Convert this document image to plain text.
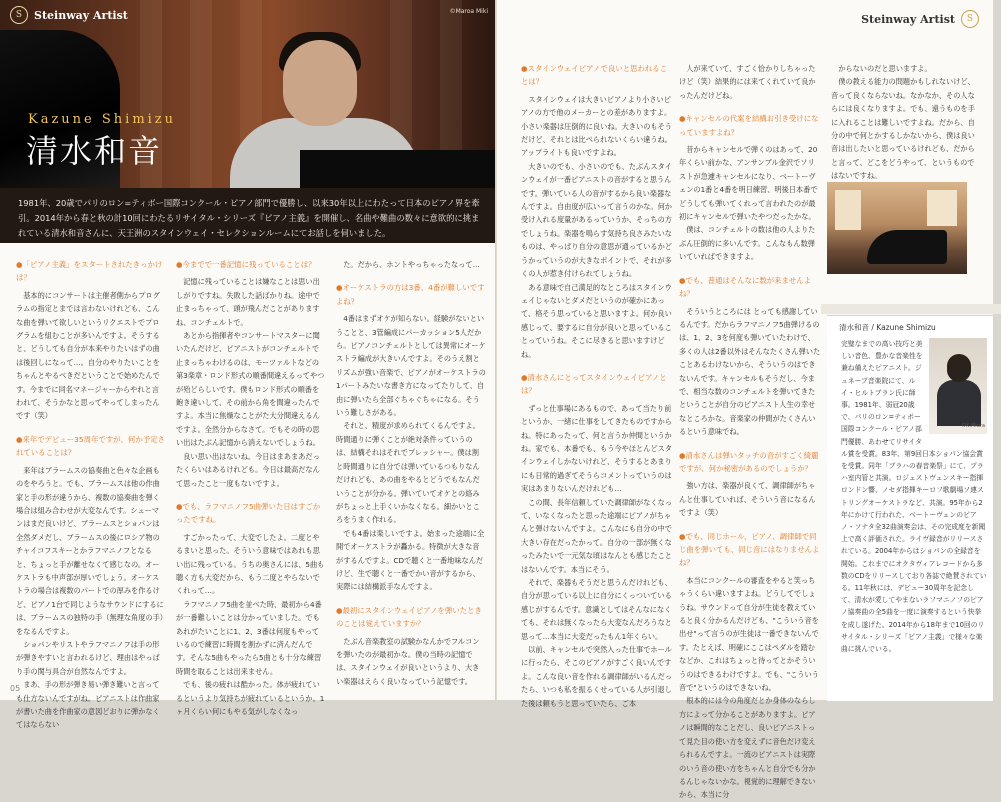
S	Steinway Artist	©Maroa Miki
Kazune Shimizu
清水和音

1981年、20歳でパリのロン=ティボー国際コンクール・ピアノ部門で優勝し、以来30年以上にわたって日本のピアノ界を牽引。2014年から春と秋の計10回にわたるリサイタル・シリーズ『ピアノ主義』を開催し、名曲や難曲の数々に意欲的に挑まれている清水和音さんに、天王洲のスタインウェイ・セレクションルームにてお話しを伺いました。

●「ピアノ主義」をスタートされたきっかけは？

基本的にコンサートは主催者側からプログラムの指定とまでは言わないけれども、こんな曲を弾いて欲しいというリクエストでプログラムを組むことが多いんですよ。そうすると、どうしても自分が本来やりたいはずの曲は後回しになって…。自分のやりたいことをちゃんとやるべきだということで始めたんです。今までに同名マネージャーからやれと言われて、そうかなと思ってやってしまったんです（笑）

●来年でデビュー35周年ですが、何か予定されていることは？

来年はブラームスの協奏曲と色々な企画ものをやろうと。でも、ブラームスは他の作曲家と手の形が違うから、複数の協奏曲を弾く場合は組み合わせが大変なんです。シューマンはまだ良いけど、ブラームスとショパンは全然ダメだし、ブラームスの後にロシア物のチャイコフスキーとかラフマニノフとなると、ちょっと手が離せなくて感じなの。オーケストラも中声部が厚いでしょう。オーケストラの場合は複数のパートでの厚みを作るけど、ピアノ1台で同じようなサウンドにするには、ブラームスの独特の手（無理な角度の手）をなるんですよ。

ショパンやリストやラフマニノフは手の形が弾きやすいと言われるけど、理由はやっぱり手の関与具合が自然なんですよ。

まあ、手の形が弾き易い弾き難いと言っても仕方ないんですがね。ピアニストは作曲家が書いた曲を作曲家の意図どおりに弾かなくてはならない

●今までで一番記憶に残っていることは？

記憶に残っていることは嫌なことは思い出しがりですね。失敗した話ばかりね。途中で止まっちゃって、頭が飛んだことがありますね、コンチェルトで。

あとから指揮者やコンサートマスターに聞いたんだけど、ピアニストがコンチェルトで止まっちゃわけるのは、モーツァルトなどの第3楽章・ロンド形式の順番間違えるってやつが殆どらしいです。僕もロンド形式の順番を飽き違いして、その前から角を間違ったんですよ。本当に焦燥なことがた大分間違えるんですよ。全然分からなさて。でもその時の思い出はたぶん記憶から消えないでしょうね。

良い思い出はないね。今日はまあまあだったくらいはあるけれども。今日は最高だなんて思ったこと一度もないですよ。

●でも、ラフマニノフ5曲弾いた日はすごかったですね。

すごかったって、大変でしたよ。二度とやるまいと思った。そういう意味ではあれも思い出に残っている。うちの奥さんには、5曲も聴く方も大変だから、もう二度とやらないでくれって…。

ラフマニノフ5曲を並べた時、最初から4番が一番難しいことは分かっていました。でもあれがたいことに1、2、3番は何度もやっているので練習に時間を割かずに済んだんです。そんな5曲もやったら5曲とも十分な練習時間を取ることは出来ません。

でも、後の疲れは酷かった。体が疲れているというより気持ちが疲れているというか。1ヶ月くらい何にもやる気がしなくなっ

た。だから、ホントやっちゃったなって…

●オーケストラの方は3番、4番が難しいですよね？

4番はまずオケが知らない。経験がないということと、3管編成にパーカッション5人だから。ピアノコンチェルトとしては異常にオーケストラ編成が大きいんですよ。そのうえ割とリズムが強い音楽で、ピアノがオーケストラの1パートみたいな書き方になってたりして、自由に弾いたら全部ぐちゃぐちゃになる。そういう難しさがある。

それと、精度が求められてくるんですよ。時間通りに弾くことが絶対条件っていうのは、結構それはそれでプレッシャー。僕は割と時間通りに自分では弾いているつもりなんだけれども、あの曲をやるとどうでもなんだいうことが分かる。弾いていてオケとの絡みがちょっと上手くいかなくなる。細かいところをうまく作れる。

でも4番は楽しいですよ。始まった途端に全開でオーケストラが轟かる。特徴が大きな音がするんですよ。CDで聴くと一番地味なんだけど、生で聴くと一番でかい音がするから、実際には結構派手なんですよ。

●最初にスタインウェイピアノを弾いたときのことは覚えていますか？

たぶん音楽教室の試験かなんかでフルコンを弾いたのが最初かな。僕の当時の記憶では、スタインウェイが良いというより、大きい楽器はえらく良いなっていう記憶です。

05
Steinway Artist	S
●スタインウェイピアノで良いと思われることは？

スタインウェイは大きいピアノより小さいピアノの方で他のメーカーとの差がありますよ。小さい楽器は圧倒的に良いね。大きいのもそうだけど、それとは比べられないくらい違うね。アップライトも良いですよね。

大きいのでも、小さいのでも、たぶんスタインウェイが一番ピアニストの音がすると思うんです。弾いている人の音がするから良い楽器なんですよ。自由度が広いって言うのかな。何か受け入れる度量があるっていうか、そっちの方でしょうね。楽器を鳴らす気持ち良さみたいなものは、やっぱり自分の意思が通っているかどうかっていうのが大きなポイントで、それが多くの人が惹き付けられてしょうね。

ある意味で自己満足的なところはスタインウェイじゃないとダメだというのが確かにあって、格そう思っていると思いますよ。何か良い感じって、要するに自分が良いと思っていることっていうね。そこに尽きると思いますけどね。

●清水さんにとってスタインウェイピアノとは？

ずっと仕事場にあるもので、あって当たり前というか、一緒に仕事をしてきたものですからね。特にあったって、何と言うか仲間というかね。家でも、本番でも、もう今やほとんどスタインウェイしかないけれど、そうするとあまりにも日常的過ぎてそうらコメントっていうのは実はあまりないんだけれども…

この間、長年信頼していた調律師がなくなって、いなくなったと思った途端にピアノがちゃんと弾けないんですよ。こんなにも自分の中で大きい存在だったかって。自分の一部が無くなったみたいで一元気な頃はなんとも感じたことはないんです。本当にそう。

それで、楽器もそうだと思うんだけれども、自分が思っている以上に自分にくっついている感じがするんです。意識としてはそんなになくても、それは無くなったら大変なんだろうなと思って…本当に大変だったもん1年くらい。

以前、キャンセルで突然入った仕事でホールに行ったら、そこのピアノがすごく良いんですよ。こんな良い音を作れる調律師がいるんだったら、いつも私を振るくせっている人が引退した後は頼もうと思っていたら、ご本

人が来ていて、すごく恰かりしちゃったけど（笑）結果的には来てくれていて良かったんだけどね。

●キャンセルの代案を結構お引き受けになっていますよね？

昔からキャンセルで弾くのはあって、20年くらい前かな、アンサンブル金沢でソリストが急遽キャンセルになり、ベートーヴェンの1番と4番を明日練習、明後日本番でどうしても弾いてくれって言われたのが最初にキャンセルで弾いたやつだったかな。

僕は、コンチェルトの数は他の人よりたぶん圧倒的に多いんです。こんなもん数弾いていればできますよ。

●でも、普通はそんなに数が来ませんよね？

そういうところには とっても感謝しているんです。だからラフマニノフ5曲弾けるのは、1、2、3を何度も弾いていたわけで、多くの人は2番以外はそんなたくさん弾いたことあるわけないから、そういうのはできないんです。キャンセルもそうだし、今まで、相当な数のコンチェルトを弾いてきたということが自分のピアニスト人生の幸せなところかな。音楽家の仲間がたくさんいるという意味でね。

●清水さんは弾いタッチの音がすごく綺麗ですが、何か秘密があるのでしょうか？

強い方は、楽器が良くて、調律師がちゃんと仕事していれば、そういう音になるんですよ（笑）

●でも、同じホール、ピアノ、調律師で同じ曲を弾いても、同じ音にはなりませんよね？

本当にコンクールの審査をやると笑っちゃうくらい違いますよね。どうしてでしょうね。サウンドって自分が生徒を教えていると良く分かるんだけども、"こういう音を出せ"って言うのが生徒は一番できないんです。たとえば、明確にここはペダルを踏むなどか、これはちょっと待ってとかそういうのはできるわけですよ。でも、"こういう音で"というのはできないね。

根本的には今の角度だとか身体のならし方によって分かることがありますよ。ピアノは瞬間的なことだし、良いピアニストって見た目の使い方を変えずに音色だけ変えられるんですよ。一流のピアニストは実際のいう音の使い方をちゃんと自分でも分かるんじゃないかな。視覚的に理解できないから、本当に分

からないのだと思いますよ。

僕の教える能力の問題かもしれないけど、音って良くならないね。なかなか、その人ならには良くなりますよ。でも、遠うものを手に入れることは難しいですよね。だから、自分の中で何とかするしかないから、僕は良い音は出したいと思っているけれども、だからと言って、どこをどうやって、というものではないですね。

清水和音 / Kazune Shimizu
©K.Miura
完璧なまでの高い技巧と美しい音色、豊かな音楽性を兼ね備えたピアニスト。ジュネーブ音楽院にて、ルイ・ヒルトブラン氏に師事。1981年、弱冠20歳で、パリのロン=ティボー国際コンクール・ピアノ部門優勝、あわせてリサイタル賞を受賞。83年、第9回日本ショパン協会賞を受賞。同年「ブラハの春音楽祭」にて、プラハ室内管と共演。ロジェストヴェンスキー指揮ロンドン響、ノセダ指揮キーロフ歌劇場ソ連ストリングオーケストラなど、共演。95年から2年にかけて行われた、ベートーヴェンのピアノ・ソナタ全32曲演奏会は、その完成度を新聞上で高く評価された。ライヴ録音がリリースされている。2004年からはショパンの全録音を開始。これまでにオクタヴィアレコードから多数のCDをリリースしており各誌で絶賛されている。11年秋には、デビュー30周年を記念して、清水が愛してやまないラフマニノフのピアノ協奏曲の全5曲を一度に演奏するという快挙を成し遂げた。2014年から18年まで10回のリサイタル・シリーズ「ピアノ主義」で様々な楽曲に挑んでいる。
